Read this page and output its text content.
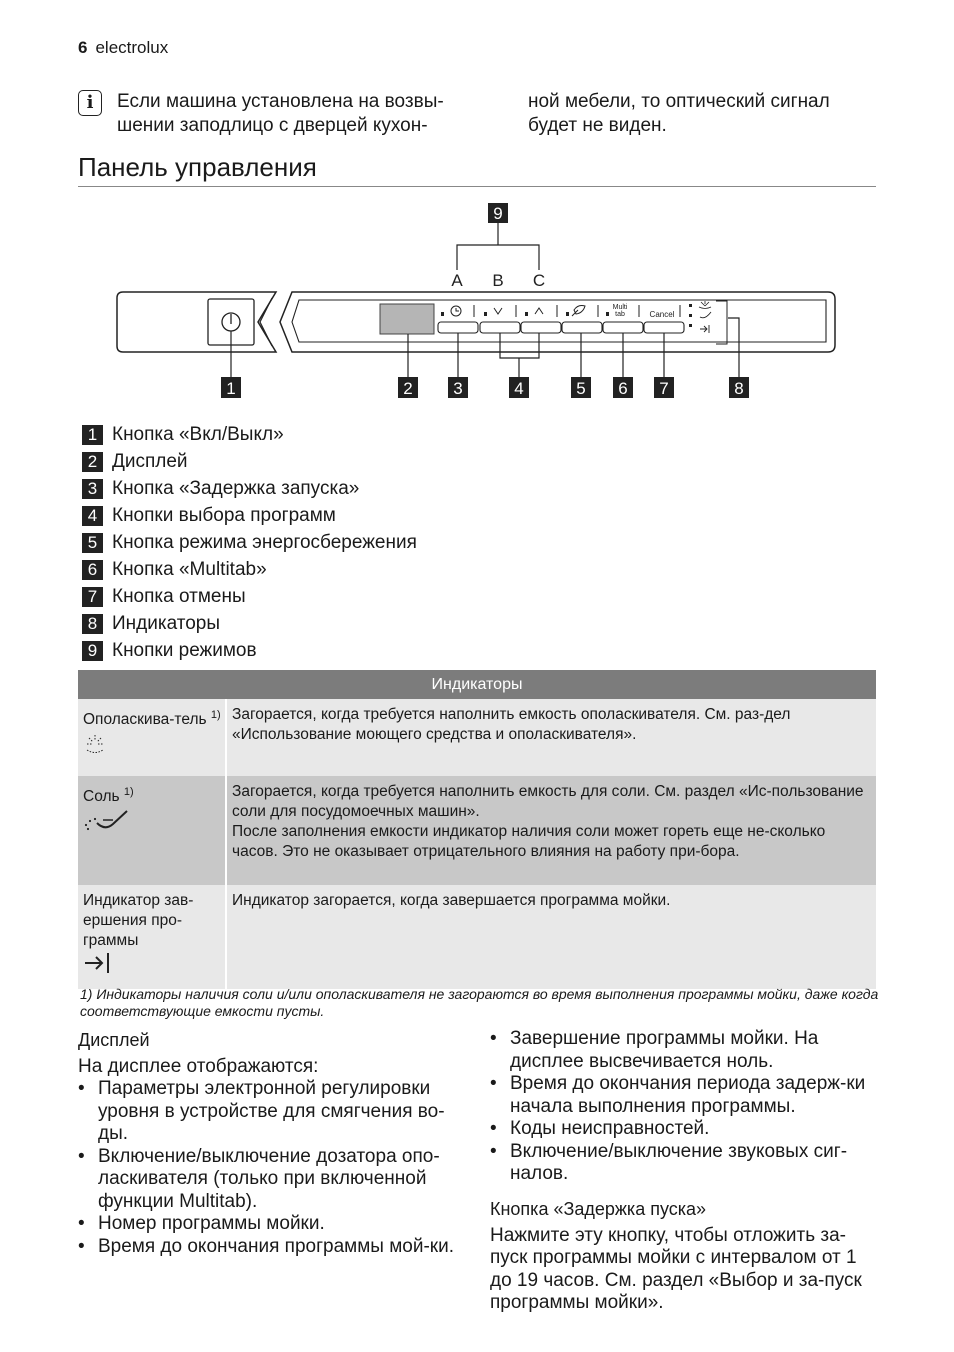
6 electrolux
i	Если машина установлена на возвы-шении заподлицо с дверцей кухон-
ной мебели, то оптический сигнал будет не виден.
Панель управления
Multi
tab	Cancel
A B C
9
1	2 3	4	5 6 7	8
1 Кнопка «Вкл/Выкл»
2 Дисплей
3 Кнопка «Задержка запуска»
4 Кнопки выбора программ
5 Кнопка режима энергосбережения
6 Кнопка «Multitab»
7 Кнопка отмены
8 Индикаторы
9 Кнопки режимов
Индикаторы	
Ополаскива-тель $^{1)}$	Загорается, когда требуется наполнить емкость ополаскивателя. См. раз-дел «Использование моющего средства и ополаскивателя».
Соль $^{1)}$	Загорается, когда требуется наполнить емкость для соли. См. раздел «Ис-пользование соли для посудомоечных машин».
После заполнения емкости индикатор наличия соли может гореть еще не-сколько часов. Это не оказывает отрицательного влияния на работу при-бора.

Индикатор зав-ершения про-граммы	Индикатор загорается, когда завершается программа мойки.
1) Индикаторы наличия соли и/или ополаскивателя не загораются во время выполнения программы мойки, даже когда соответствующие емкости пусты.
Дисплей

На дисплее отображаются:

• Параметры электронной регулировки уровня в устройстве для смягчения во-ды.
• Включение/выключение дозатора опо-ласкивателя (только при включенной функции Multitab).
• Номер программы мойки.
• Время до окончания программы мой-ки.
• Завершение программы мойки. На дисплее высвечивается ноль.
• Время до окончания периода задерж-ки начала выполнения программы.
• Коды неисправностей.
• Включение/выключение звуковых сиг-налов.
Кнопка «Задержка пуска»

Нажмите эту кнопку, чтобы отложить за-пуск программы мойки с интервалом от 1 до 19 часов. См. раздел «Выбор и за-пуск программы мойки».
